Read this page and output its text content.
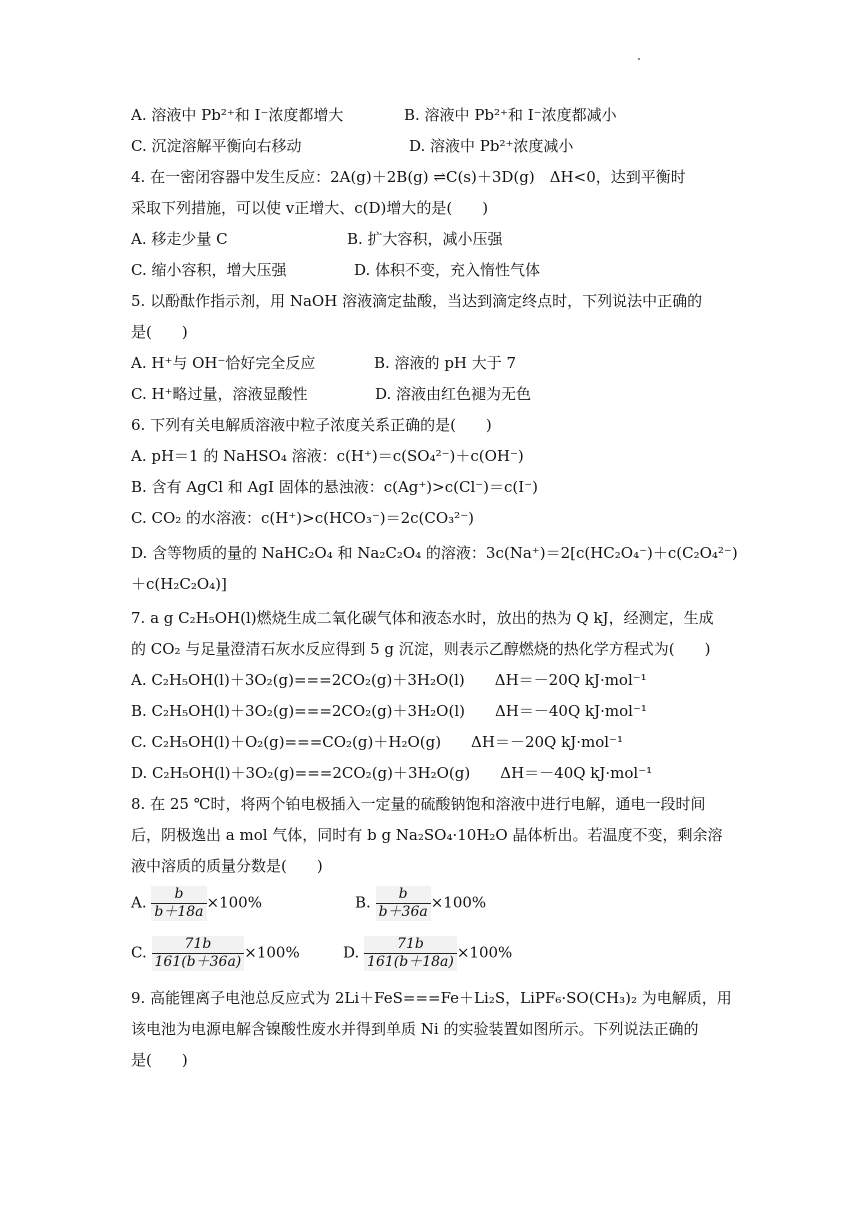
A. 溶液中 Pb²⁺和 I⁻浓度都增大	B. 溶液中 Pb²⁺和 I⁻浓度都减小
C. 沉淀溶解平衡向右移动	D. 溶液中 Pb²⁺浓度减小
4. 在一密闭容器中发生反应：2A(g)＋2B(g) ⇌C(s)＋3D(g)　ΔH<0，达到平衡时
采取下列措施，可以使 v正增大、c(D)增大的是(　　)
A. 移走少量 C	B. 扩大容积，减小压强
C. 缩小容积，增大压强	D. 体积不变，充入惰性气体
5. 以酚酞作指示剂，用 NaOH 溶液滴定盐酸，当达到滴定终点时，下列说法中正确的
是(　　)
A. H⁺与 OH⁻恰好完全反应	B. 溶液的 pH 大于 7
C. H⁺略过量，溶液显酸性	D. 溶液由红色褪为无色
6. 下列有关电解质溶液中粒子浓度关系正确的是(　　)
A. pH＝1 的 NaHSO₄ 溶液：c(H⁺)＝c(SO₄²⁻)＋c(OH⁻)
B. 含有 AgCl 和 AgI 固体的悬浊液：c(Ag⁺)>c(Cl⁻)＝c(I⁻)
C. CO₂ 的水溶液：c(H⁺)>c(HCO₃⁻)＝2c(CO₃²⁻)
D. 含等物质的量的 NaHC₂O₄ 和 Na₂C₂O₄ 的溶液：3c(Na⁺)＝2[c(HC₂O₄⁻)＋c(C₂O₄²⁻)
＋c(H₂C₂O₄)]
7. a g C₂H₅OH(l)燃烧生成二氧化碳气体和液态水时，放出的热为 Q kJ，经测定，生成
的 CO₂ 与足量澄清石灰水反应得到 5 g 沉淀，则表示乙醇燃烧的热化学方程式为(　　)
A. C₂H₅OH(l)＋3O₂(g)===2CO₂(g)＋3H₂O(l)　　ΔH＝－20Q kJ·mol⁻¹
B. C₂H₅OH(l)＋3O₂(g)===2CO₂(g)＋3H₂O(l)　　ΔH＝－40Q kJ·mol⁻¹
C. C₂H₅OH(l)＋O₂(g)===CO₂(g)＋H₂O(g)　　ΔH＝－20Q kJ·mol⁻¹
D. C₂H₅OH(l)＋3O₂(g)===2CO₂(g)＋3H₂O(g)　　ΔH＝－40Q kJ·mol⁻¹
8. 在 25 ℃时，将两个铂电极插入一定量的硫酸钠饱和溶液中进行电解，通电一段时间
后，阴极逸出 a mol 气体，同时有 b g Na₂SO₄·10H₂O 晶体析出。若温度不变，剩余溶
液中溶质的质量分数是(　　)
A. $\frac{b}{b+18a} \times 100\%$	B. $\frac{b}{b+36a} \times 100\%$
C. $\frac{71b}{161(b+36a)} \times 100\%$	D. $\frac{71b}{161(b+18a)} \times 100\%$
9. 高能锂离子电池总反应式为 2Li＋FeS===Fe＋Li₂S，LiPF₆·SO(CH₃)₂ 为电解质，用
该电池为电源电解含镍酸性废水并得到单质 Ni 的实验装置如图所示。下列说法正确的
是(　　)
